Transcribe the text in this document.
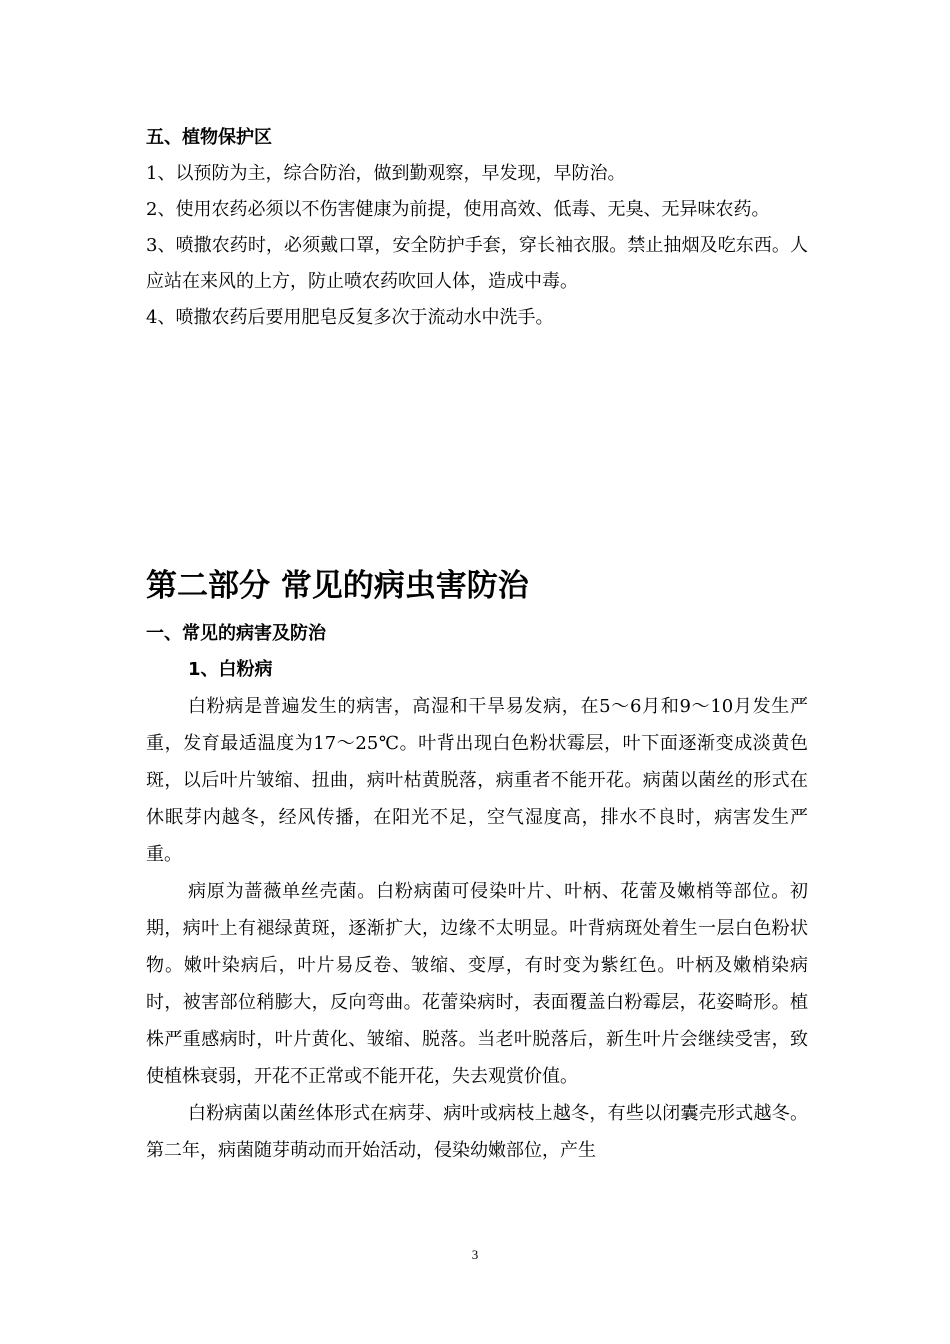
五、植物保护区

1、以预防为主，综合防治，做到勤观察，早发现，早防治。

2、使用农药必须以不伤害健康为前提，使用高效、低毒、无臭、无异味农药。

3、喷撒农药时，必须戴口罩，安全防护手套，穿长袖衣服。禁止抽烟及吃东西。人应站在来风的上方，防止喷农药吹回人体，造成中毒。

4、喷撒农药后要用肥皂反复多次于流动水中洗手。

第二部分 常见的病虫害防治

一、常见的病害及防治

1、白粉病

白粉病是普遍发生的病害，高湿和干旱易发病，在5～6月和9～10月发生严重，发育最适温度为17～25℃。叶背出现白色粉状霉层，叶下面逐渐变成淡黄色斑，以后叶片皱缩、扭曲，病叶枯黄脱落，病重者不能开花。病菌以菌丝的形式在休眠芽内越冬，经风传播，在阳光不足，空气湿度高，排水不良时，病害发生严重。

病原为蔷薇单丝壳菌。白粉病菌可侵染叶片、叶柄、花蕾及嫩梢等部位。初期，病叶上有褪绿黄斑，逐渐扩大，边缘不太明显。叶背病斑处着生一层白色粉状物。嫩叶染病后，叶片易反卷、皱缩、变厚，有时变为紫红色。叶柄及嫩梢染病时，被害部位稍膨大，反向弯曲。花蕾染病时，表面覆盖白粉霉层，花姿畸形。植株严重感病时，叶片黄化、皱缩、脱落。当老叶脱落后，新生叶片会继续受害，致使植株衰弱，开花不正常或不能开花，失去观赏价值。

白粉病菌以菌丝体形式在病芽、病叶或病枝上越冬，有些以闭囊壳形式越冬。第二年，病菌随芽萌动而开始活动，侵染幼嫩部位，产生

3
